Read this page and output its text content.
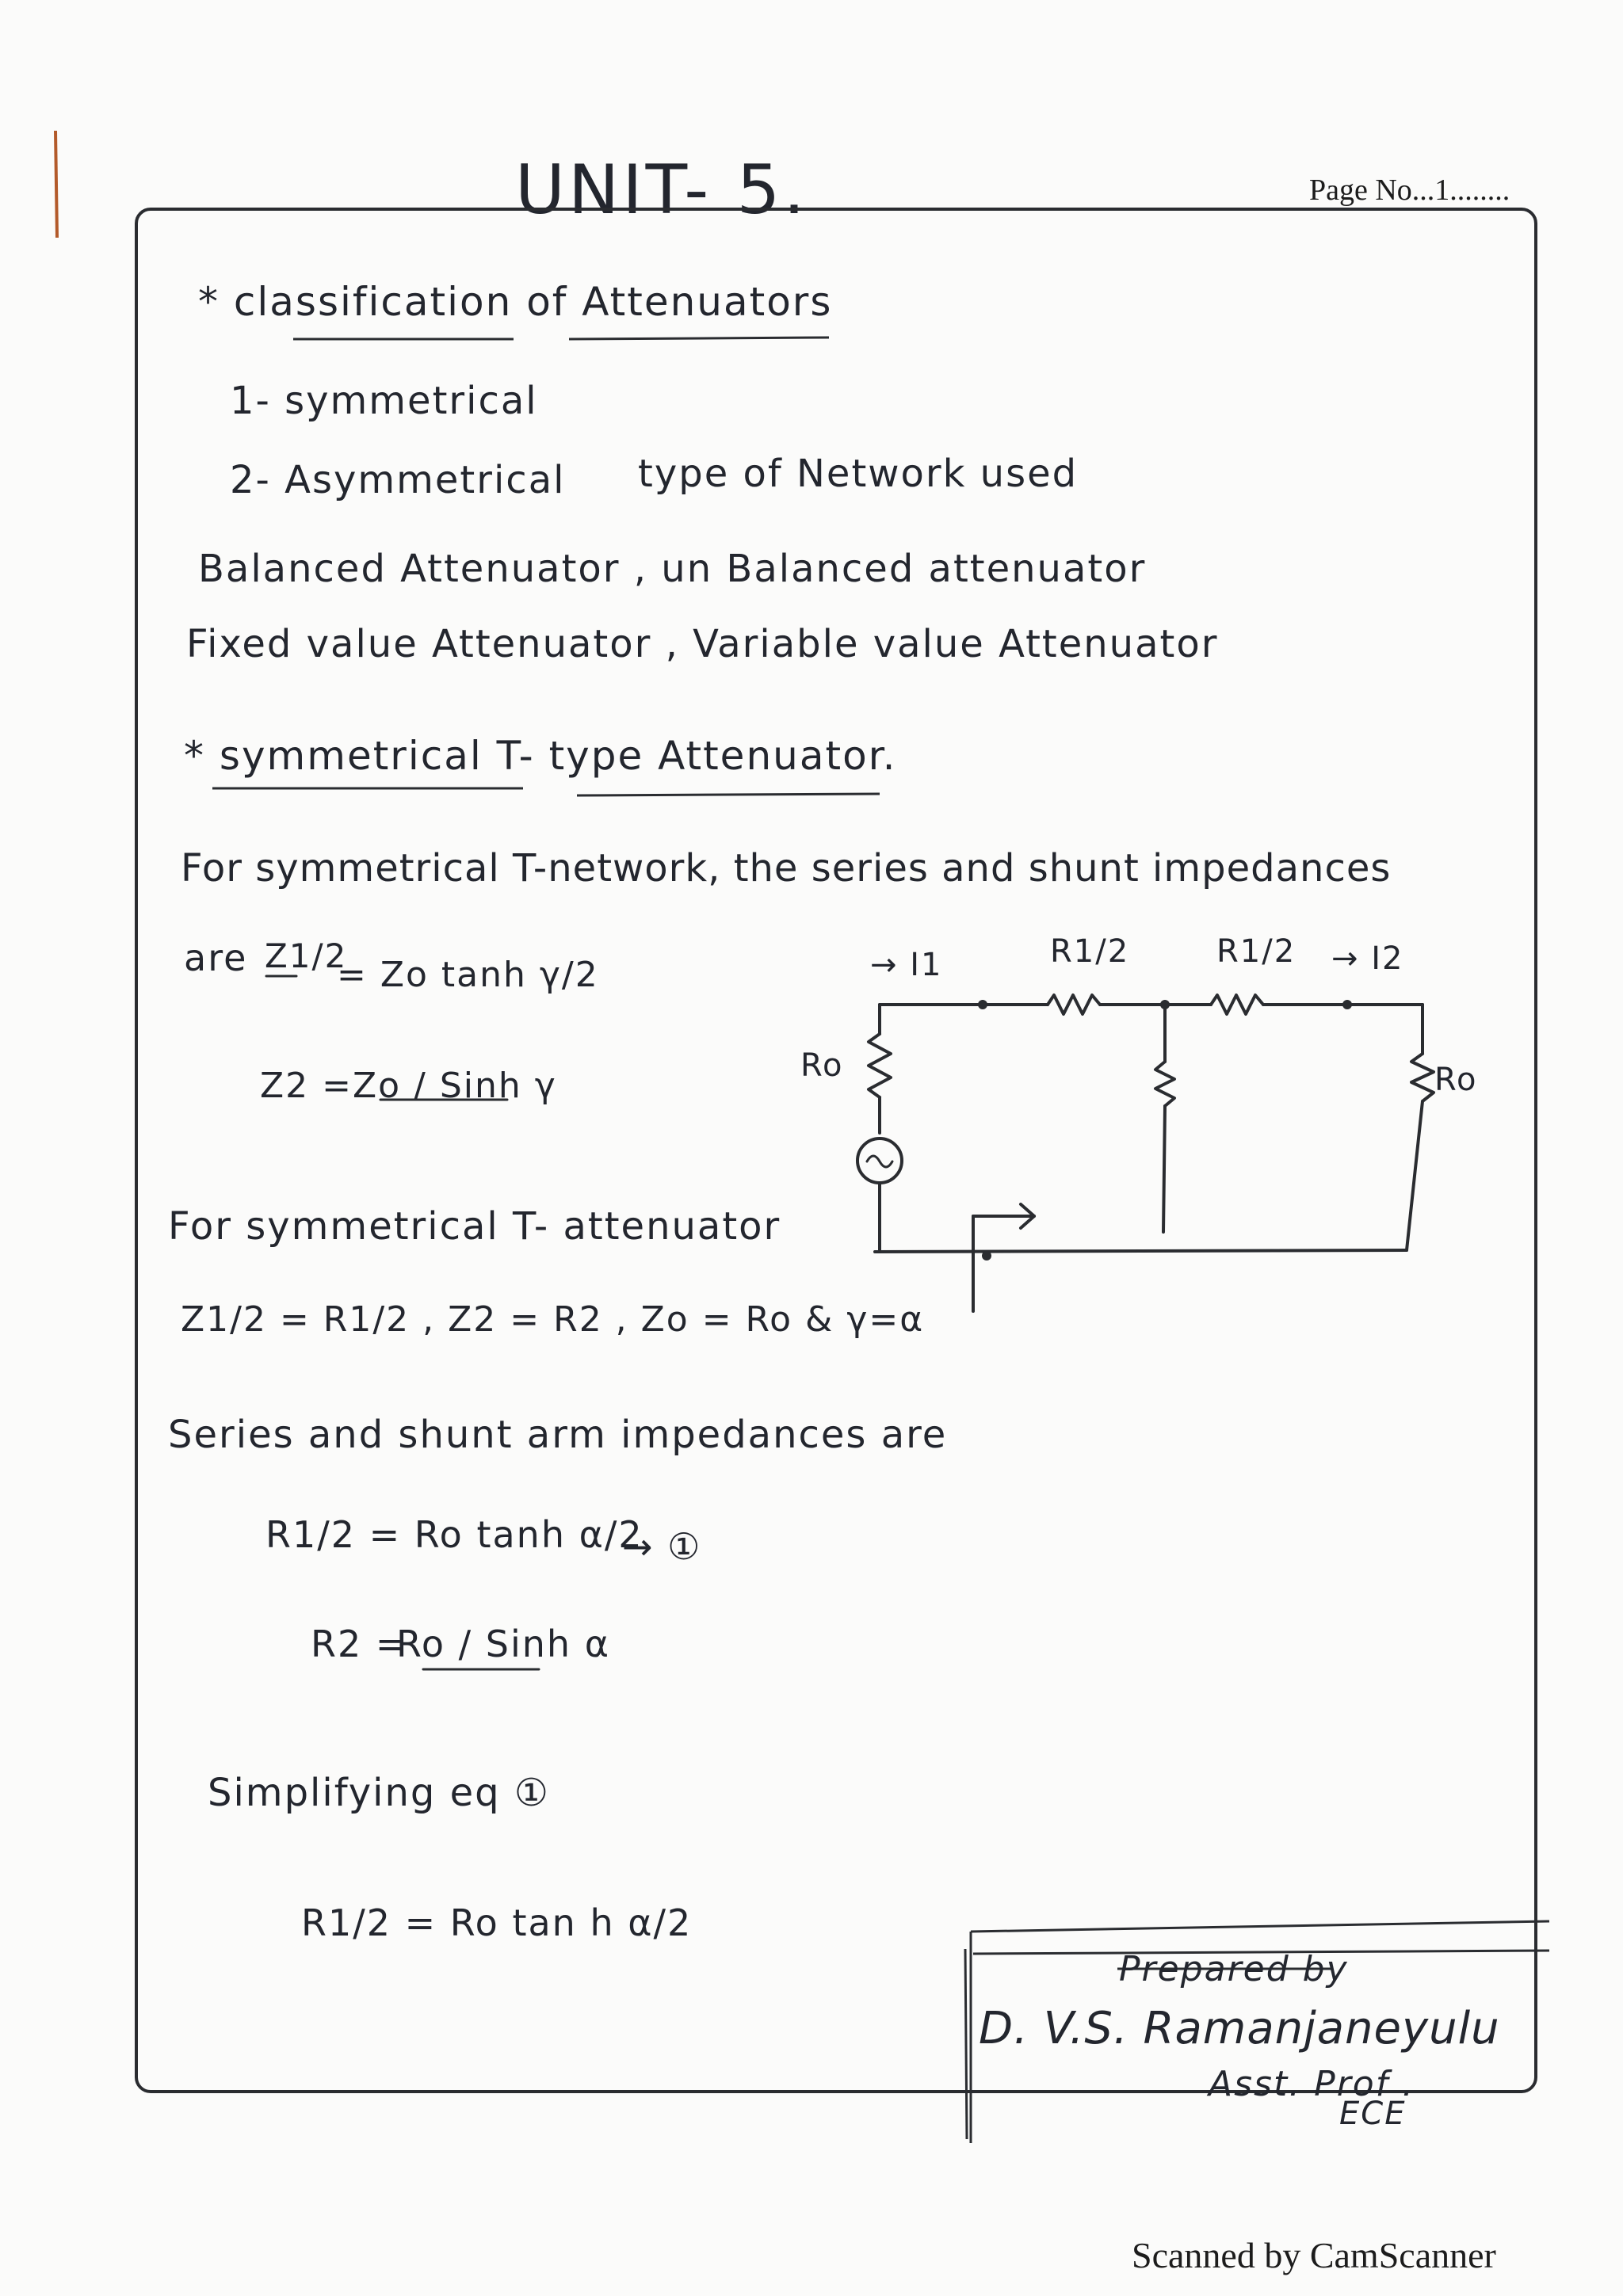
UNIT- 5.	Page No...1........
* classification of Attenuators
1- symmetrical
2- Asymmetrical type of Network used
Balanced Attenuator , un Balanced attenuator
Fixed value Attenuator , Variable value Attenuator
* symmetrical T- type Attenuator.
For symmetrical T-network, the series and shunt impedances
are Z1/2
= Zo tanh γ/2
Z2 = Zo / Sinh γ
For symmetrical T- attenuator
Z1/2 = R1/2 , Z2 = R2 , Zo = Ro & γ=α
Series and shunt arm impedances are
R1/2 = Ro tanh α/2
→ ①
R2 =
Ro / Sinh α
Simplifying eq ①
R1/2 = Ro tan h α/2
→ I1	→ I2
R1/2	R1/2
Ro	Ro
Prepared by
D. V.S. Ramanjaneyulu
Asst. Prof .
ECE
Scanned by CamScanner
